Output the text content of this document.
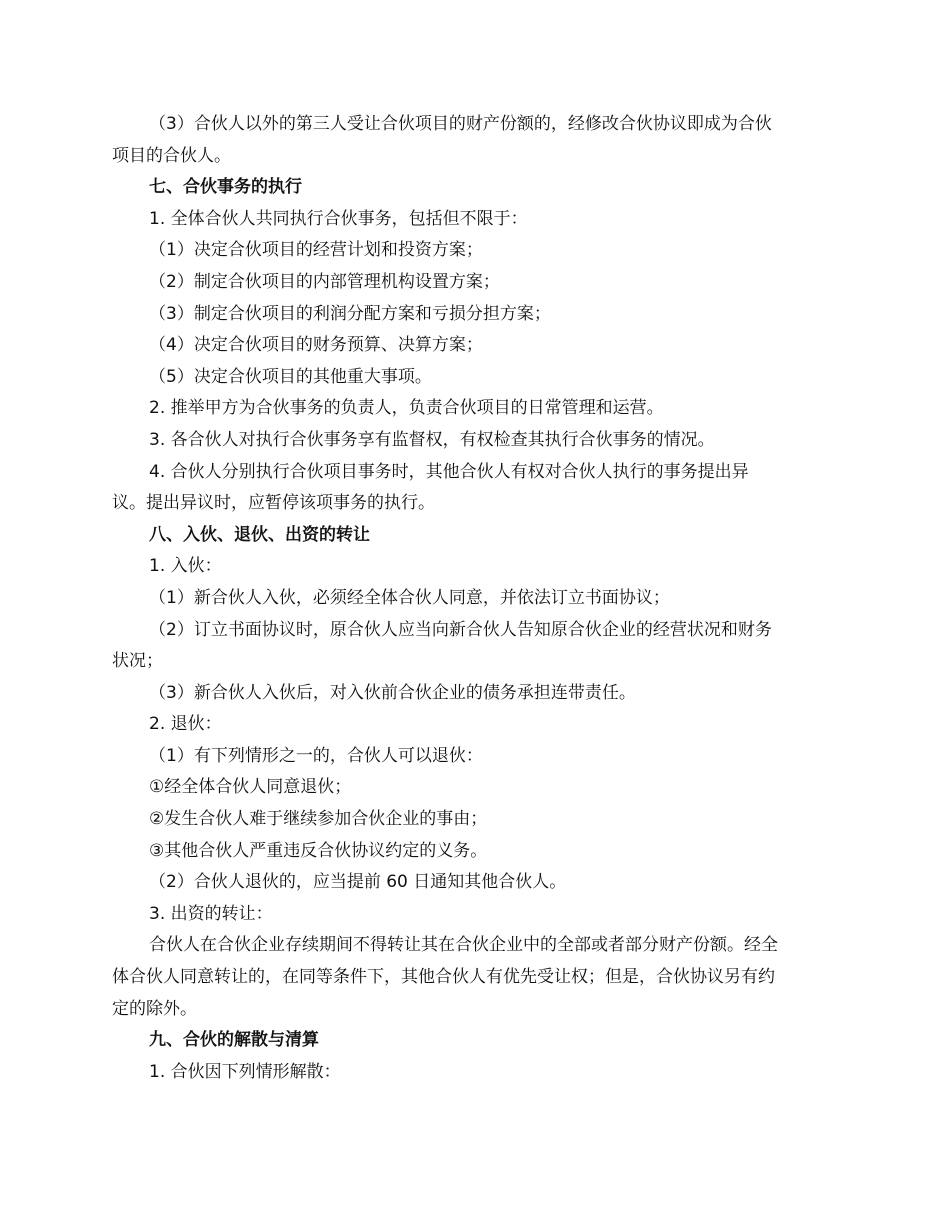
（3）合伙人以外的第三人受让合伙项目的财产份额的，经修改合伙协议即成为合伙

项目的合伙人。

七、合伙事务的执行

1. 全体合伙人共同执行合伙事务，包括但不限于：

（1）决定合伙项目的经营计划和投资方案；

（2）制定合伙项目的内部管理机构设置方案；

（3）制定合伙项目的利润分配方案和亏损分担方案；

（4）决定合伙项目的财务预算、决算方案；

（5）决定合伙项目的其他重大事项。

2. 推举甲方为合伙事务的负责人，负责合伙项目的日常管理和运营。

3. 各合伙人对执行合伙事务享有监督权，有权检查其执行合伙事务的情况。

4. 合伙人分别执行合伙项目事务时，其他合伙人有权对合伙人执行的事务提出异

议。提出异议时，应暂停该项事务的执行。

八、入伙、退伙、出资的转让

1. 入伙：

（1）新合伙人入伙，必须经全体合伙人同意，并依法订立书面协议；

（2）订立书面协议时，原合伙人应当向新合伙人告知原合伙企业的经营状况和财务

状况；

（3）新合伙人入伙后，对入伙前合伙企业的债务承担连带责任。

2. 退伙：

（1）有下列情形之一的，合伙人可以退伙：

①经全体合伙人同意退伙；

②发生合伙人难于继续参加合伙企业的事由；

③其他合伙人严重违反合伙协议约定的义务。

（2）合伙人退伙的，应当提前 60 日通知其他合伙人。

3. 出资的转让：

合伙人在合伙企业存续期间不得转让其在合伙企业中的全部或者部分财产份额。经全

体合伙人同意转让的，在同等条件下，其他合伙人有优先受让权；但是，合伙协议另有约

定的除外。

九、合伙的解散与清算

1. 合伙因下列情形解散：
